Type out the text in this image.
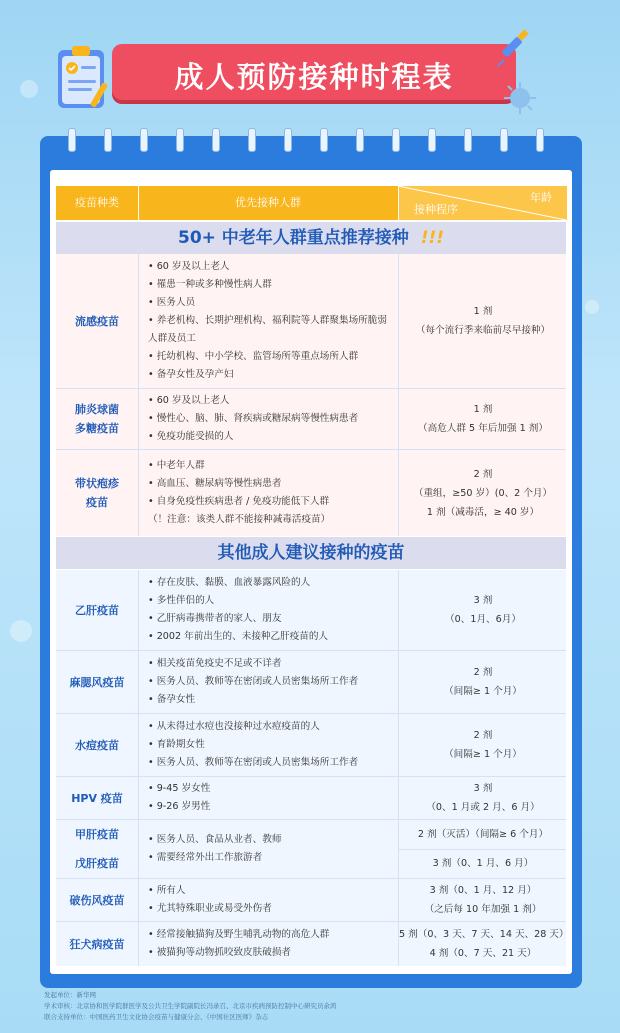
成人预防接种时程表
疫苗种类	优先接种人群	年龄
接种程序
50+ 中老年人群重点推荐接种 !!!
流感疫苗
• 60 岁及以上老人
• 罹患一种或多种慢性病人群
• 医务人员
• 养老机构、长期护理机构、福利院等人群聚集场所脆弱
人群及员工
• 托幼机构、中小学校、监管场所等重点场所人群
• 备孕女性及孕产妇
1 剂
（每个流行季来临前尽早接种）
肺炎球菌
多糖疫苗
• 60 岁及以上老人
• 慢性心、脑、肺、肾疾病或糖尿病等慢性病患者
• 免疫功能受损的人
1 剂
（高危人群 5 年后加强 1 剂）
带状疱疹
疫苗
• 中老年人群
• 高血压、糖尿病等慢性病患者
• 自身免疫性疾病患者 / 免疫功能低下人群
（！注意：该类人群不能接种减毒活疫苗）
2 剂
（重组，≥50 岁）(0、2 个月）
1 剂（减毒活，≥ 40 岁）
其他成人建议接种的疫苗
乙肝疫苗
• 存在皮肤、黏膜、血液暴露风险的人
• 多性伴侣的人
• 乙肝病毒携带者的家人、朋友
• 2002 年前出生的、未接种乙肝疫苗的人
3 剂
（0、1月、6月）
麻腮风疫苗
• 相关疫苗免疫史不足或不详者
• 医务人员、教师等在密闭或人员密集场所工作者
• 备孕女性
2 剂
（间隔≥ 1 个月）
水痘疫苗
• 从未得过水痘也没接种过水痘疫苗的人
• 育龄期女性
• 医务人员、教师等在密闭或人员密集场所工作者
2 剂
（间隔≥ 1 个月）
HPV 疫苗
• 9-45 岁女性
• 9-26 岁男性
3 剂
（0、1 月或 2 月、6 月）
甲肝疫苗
戊肝疫苗
• 医务人员、食品从业者、教师
• 需要经常外出工作旅游者
2 剂（灭活）（间隔≥ 6 个月）
3 剂（0、1 月、6 月）
破伤风疫苗
• 所有人
• 尤其特殊职业或易受外伤者
3 剂（0、1 月、12 月）
（之后每 10 年加强 1 剂）
狂犬病疫苗
• 经常接触猫狗及野生哺乳动物的高危人群
• 被猫狗等动物抓咬致皮肤破损者
5 剂（0、3 天、7 天、14 天、28 天）
4 剂（0、7 天、21 天）
发起单位：新华网
学术审核：北京协和医学院群医学及公共卫生学院副院长冯录召、北京市疾病预防控制中心研究员余鸿
联合支持单位：中国医药卫生文化协会疫苗与健康分会、《中国社区医师》杂志
